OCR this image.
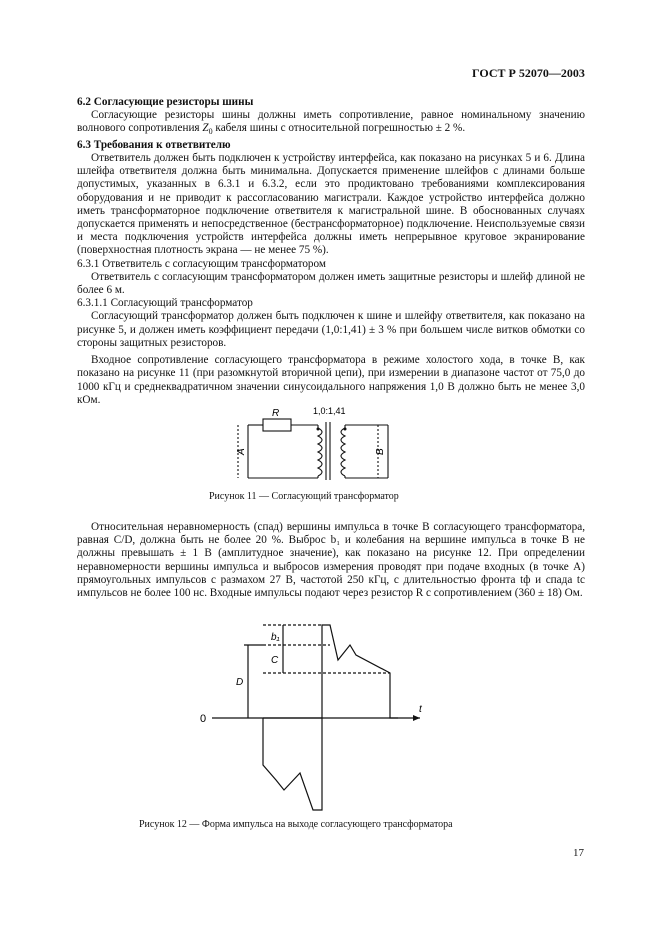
ГОСТ Р 52070—2003

6.2 Согласующие резисторы шины

Согласующие резисторы шины должны иметь сопротивление, равное номинальному значению волнового сопротивления $Z_0$ кабеля шины с относительной погрешностью ± 2 %.

6.3 Требования к ответвителю

Ответвитель должен быть подключен к устройству интерфейса, как показано на рисунках 5 и 6. Длина шлейфа ответвителя должна быть минимальна. Допускается применение шлейфов с длинами больше допустимых, указанных в 6.3.1 и 6.3.2, если это продиктовано требованиями комплексирования оборудования и не приводит к рассогласованию магистрали. Каждое устройство интерфейса должно иметь трансформаторное подключение ответвителя к магистральной шине. В обоснованных случаях допускается применять и непосредственное (бестрансформаторное) подключение. Неиспользуемые связи и места подключения устройств интерфейса должны иметь непрерывное круговое экранирование (поверхностная плотность экрана — не менее 75 %).

6.3.1 Ответвитель с согласующим трансформатором

Ответвитель с согласующим трансформатором должен иметь защитные резисторы и шлейф длиной не более 6 м.

6.3.1.1 Согласующий трансформатор

Согласующий трансформатор должен быть подключен к шине и шлейфу ответвителя, как показано на рисунке 5, и должен иметь коэффициент передачи (1,0:1,41) ± 3 % при большем числе витков обмотки со стороны защитных резисторов.

Входное сопротивление согласующего трансформатора в режиме холостого хода, в точке B, как показано на рисунке 11 (при разомкнутой вторичной цепи), при измерении в диапазоне частот от 75,0 до 1000 кГц и среднеквадратичном значении синусоидального напряжения 1,0 В должно быть не менее 3,0 кОм.

R	1,0:1,41
A	B
Рисунок 11 — Согласующий трансформатор

Относительная неравномерность (спад) вершины импульса в точке B согласующего трансформатора, равная C/D, должна быть не более 20 %. Выброс b₁ и колебания на вершине импульса в точке B не должны превышать ± 1 В (амплитудное значение), как показано на рисунке 12. При определении неравномерности вершины импульса и выбросов измерения проводят при подаче входных (в точке A) прямоугольных импульсов с размахом 27 В, частотой 250 кГц, с длительностью фронта tф и спада tс импульсов не более 100 нс. Входные импульсы подают через резистор R с сопротивлением (360 ± 18) Ом.

b₁
C
D
0
t
Рисунок 12 — Форма импульса на выходе согласующего трансформатора
17
